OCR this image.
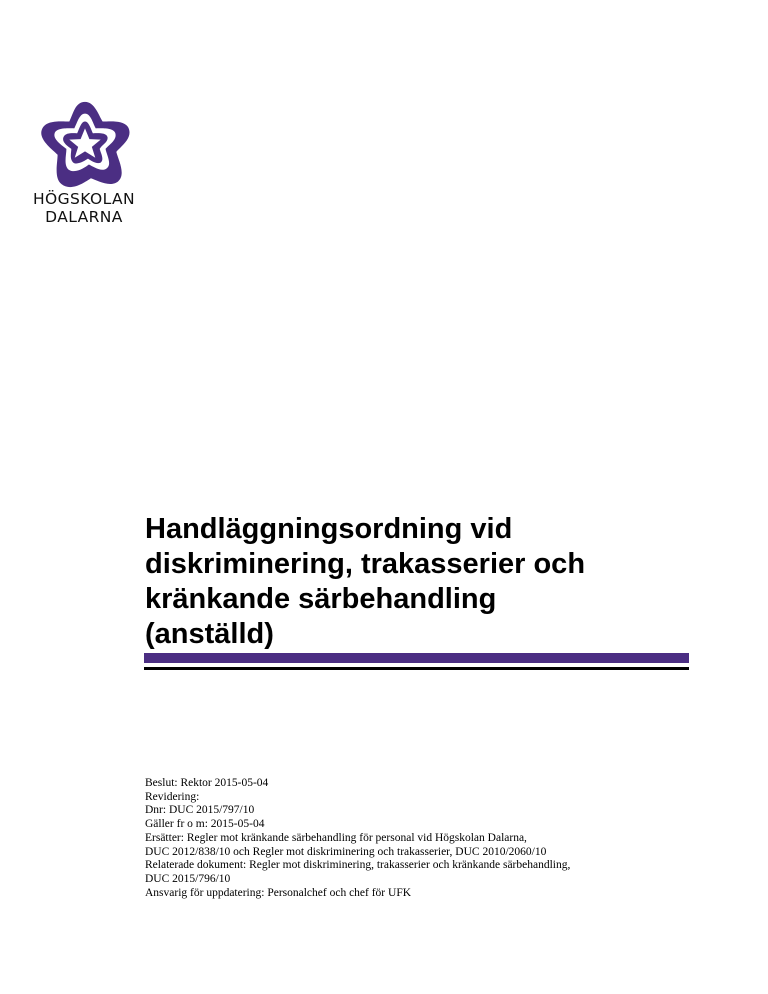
HÖGSKOLAN
DALARNA
Handläggningsordning vid
diskriminering, trakasserier och
kränkande särbehandling
(anställd)
Beslut: Rektor 2015-05-04
Revidering:
Dnr: DUC 2015/797/10
Gäller fr o m: 2015-05-04
Ersätter: Regler mot kränkande särbehandling för personal vid Högskolan Dalarna,
DUC 2012/838/10 och Regler mot diskriminering och trakasserier, DUC 2010/2060/10
Relaterade dokument: Regler mot diskriminering, trakasserier och kränkande särbehandling,
DUC 2015/796/10
Ansvarig för uppdatering: Personalchef och chef för UFK
